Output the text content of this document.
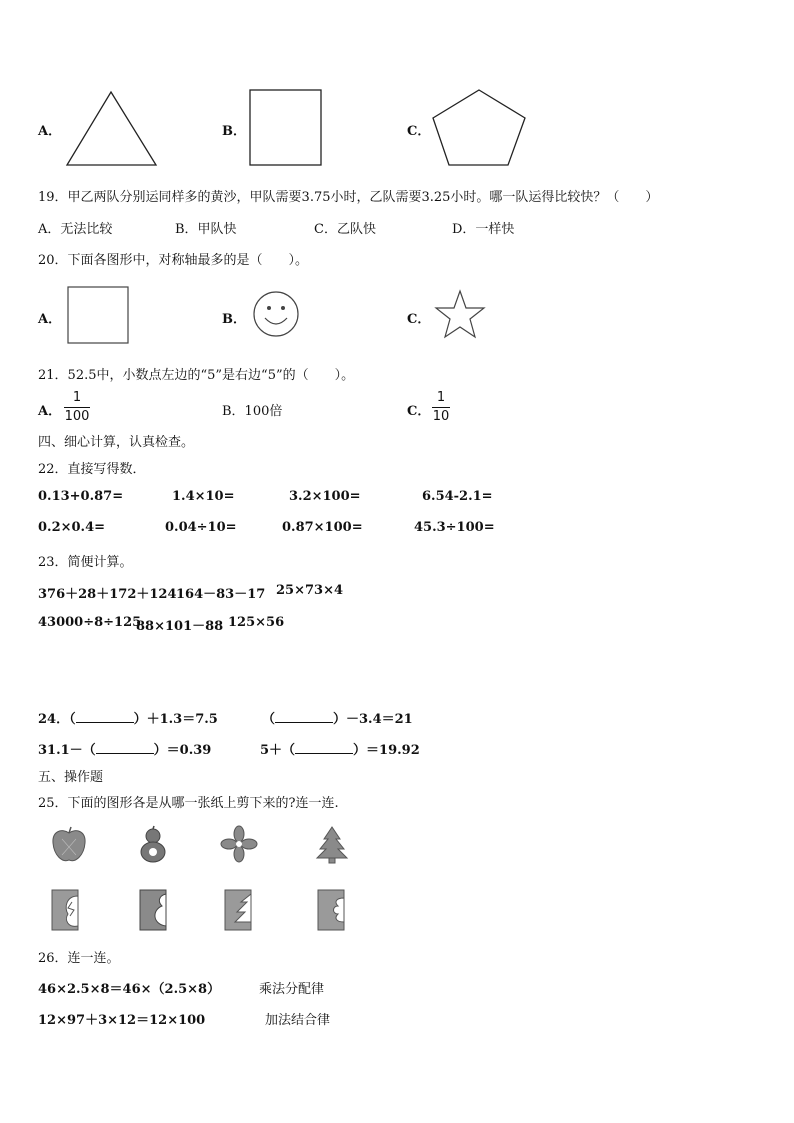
A．	B．	C．
19．甲乙两队分别运同样多的黄沙，甲队需要3.75小时，乙队需要3.25小时。哪一队运得比较快？（　　）
A．无法比较	B．甲队快	C．乙队快	D．一样快
20．下面各图形中，对称轴最多的是（　　）。
A．	B．	C．
21．52.5中，小数点左边的“5”是右边“5”的（　　）。
A．
1
100	B．100倍	C．
1
10
四、细心计算，认真检查。
22．直接写得数．
0.13+0.87=	1.4×10=	3.2×100=	6.54-2.1=
0.2×0.4=	0.04÷10=	0.87×100=	45.3÷100=
23．简便计算。
376＋28＋172＋124 164－83－17 25×73×4
43000÷8÷125
88×101－88 125×56
24．（	）＋1.3＝7.5	（	）－3.4＝21
31.1－（	）＝0.39	5＋（	）＝19.92
五、操作题
25．下面的图形各是从哪一张纸上剪下来的?连一连.
26．连一连。
46×2.5×8＝46×（2.5×8）	乘法分配律
12×97＋3×12＝12×100	加法结合律
